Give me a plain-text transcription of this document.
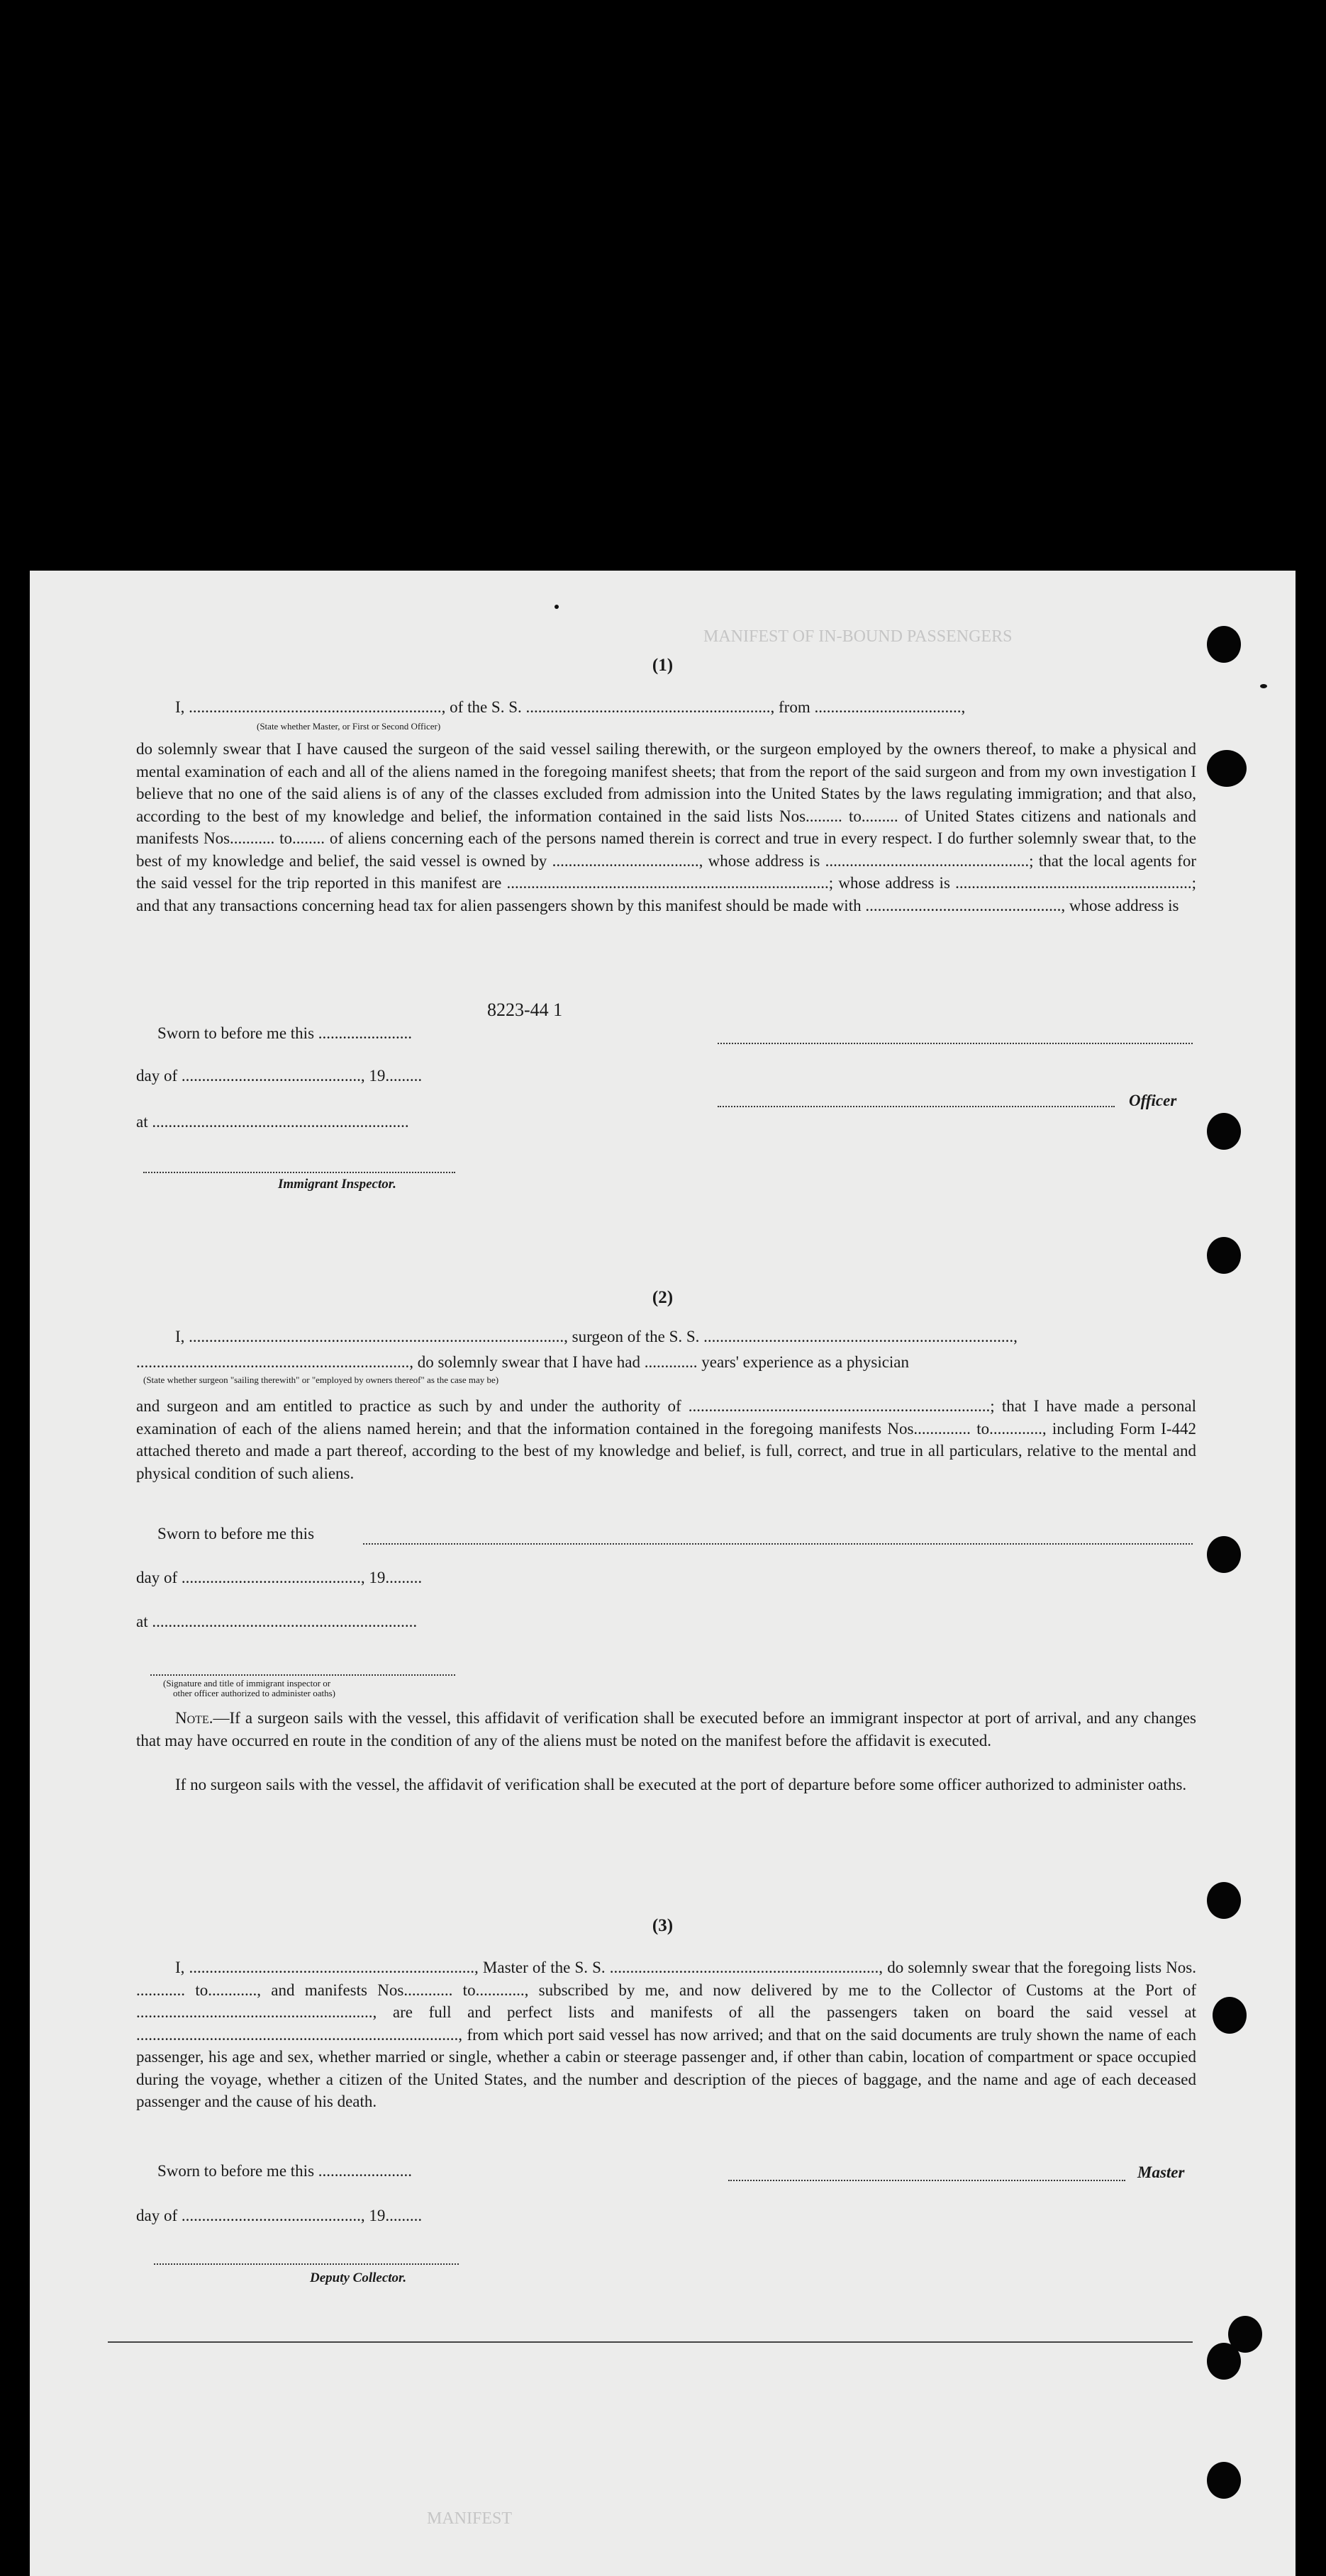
MANIFEST OF IN-BOUND PASSENGERS
(1)
I, .............................................................., of the S. S. ............................................................, from ....................................,
(State whether Master, or First or Second Officer)
do solemnly swear that I have caused the surgeon of the said vessel sailing therewith, or the surgeon employed by the owners thereof, to make a physical and mental examination of each and all of the aliens named in the foregoing manifest sheets; that from the report of the said surgeon and from my own investigation I believe that no one of the said aliens is of any of the classes excluded from admission into the United States by the laws regulating immigration; and that also, according to the best of my knowledge and belief, the information contained in the said lists Nos......... to......... of United States citizens and nationals and manifests Nos........... to........ of aliens concerning each of the persons named therein is correct and true in every respect. I do further solemnly swear that, to the best of my knowledge and belief, the said vessel is owned by ...................................., whose address is ..................................................; that the local agents for the said vessel for the trip reported in this manifest are ...............................................................................; whose address is ..........................................................; and that any transactions concerning head tax for alien passengers shown by this manifest should be made with ................................................, whose address is
8223-44 1
Sworn to before me this .......................
day of ............................................, 19.........
Officer
at ...............................................................
Immigrant Inspector.
(2)
I, ............................................................................................, surgeon of the S. S. ............................................................................,
..................................................................., do solemnly swear that I have had ............. years' experience as a physician
(State whether surgeon "sailing therewith" or "employed by owners thereof" as the case may be)
and surgeon and am entitled to practice as such by and under the authority of ..........................................................................; that I have made a personal examination of each of the aliens named herein; and that the information contained in the foregoing manifests Nos.............. to............., including Form I-442 attached thereto and made a part thereof, according to the best of my knowledge and belief, is full, correct, and true in all particulars, relative to the mental and physical condition of such aliens.
Sworn to before me this
day of ............................................, 19.........
at .................................................................
(Signature and title of immigrant inspector or
other officer authorized to administer oaths)
Note.—If a surgeon sails with the vessel, this affidavit of verification shall be executed before an immigrant inspector at port of arrival, and any changes that may have occurred en route in the condition of any of the aliens must be noted on the manifest before the affidavit is executed.
If no surgeon sails with the vessel, the affidavit of verification shall be executed at the port of departure before some officer authorized to administer oaths.
(3)
I, ......................................................................, Master of the S. S. .................................................................., do solemnly swear that the foregoing lists Nos. ............ to............, and manifests Nos............ to............, subscribed by me, and now delivered by me to the Collector of Customs at the Port of .........................................................., are full and perfect lists and manifests of all the passengers taken on board the said vessel at ..............................................................................., from which port said vessel has now arrived; and that on the said documents are truly shown the name of each passenger, his age and sex, whether married or single, whether a cabin or steerage passenger and, if other than cabin, location of compartment or space occupied during the voyage, whether a citizen of the United States, and the number and description of the pieces of baggage, and the name and age of each deceased passenger and the cause of his death.
Sworn to before me this .......................	Master
day of ............................................, 19.........
Deputy Collector.
MANIFEST
